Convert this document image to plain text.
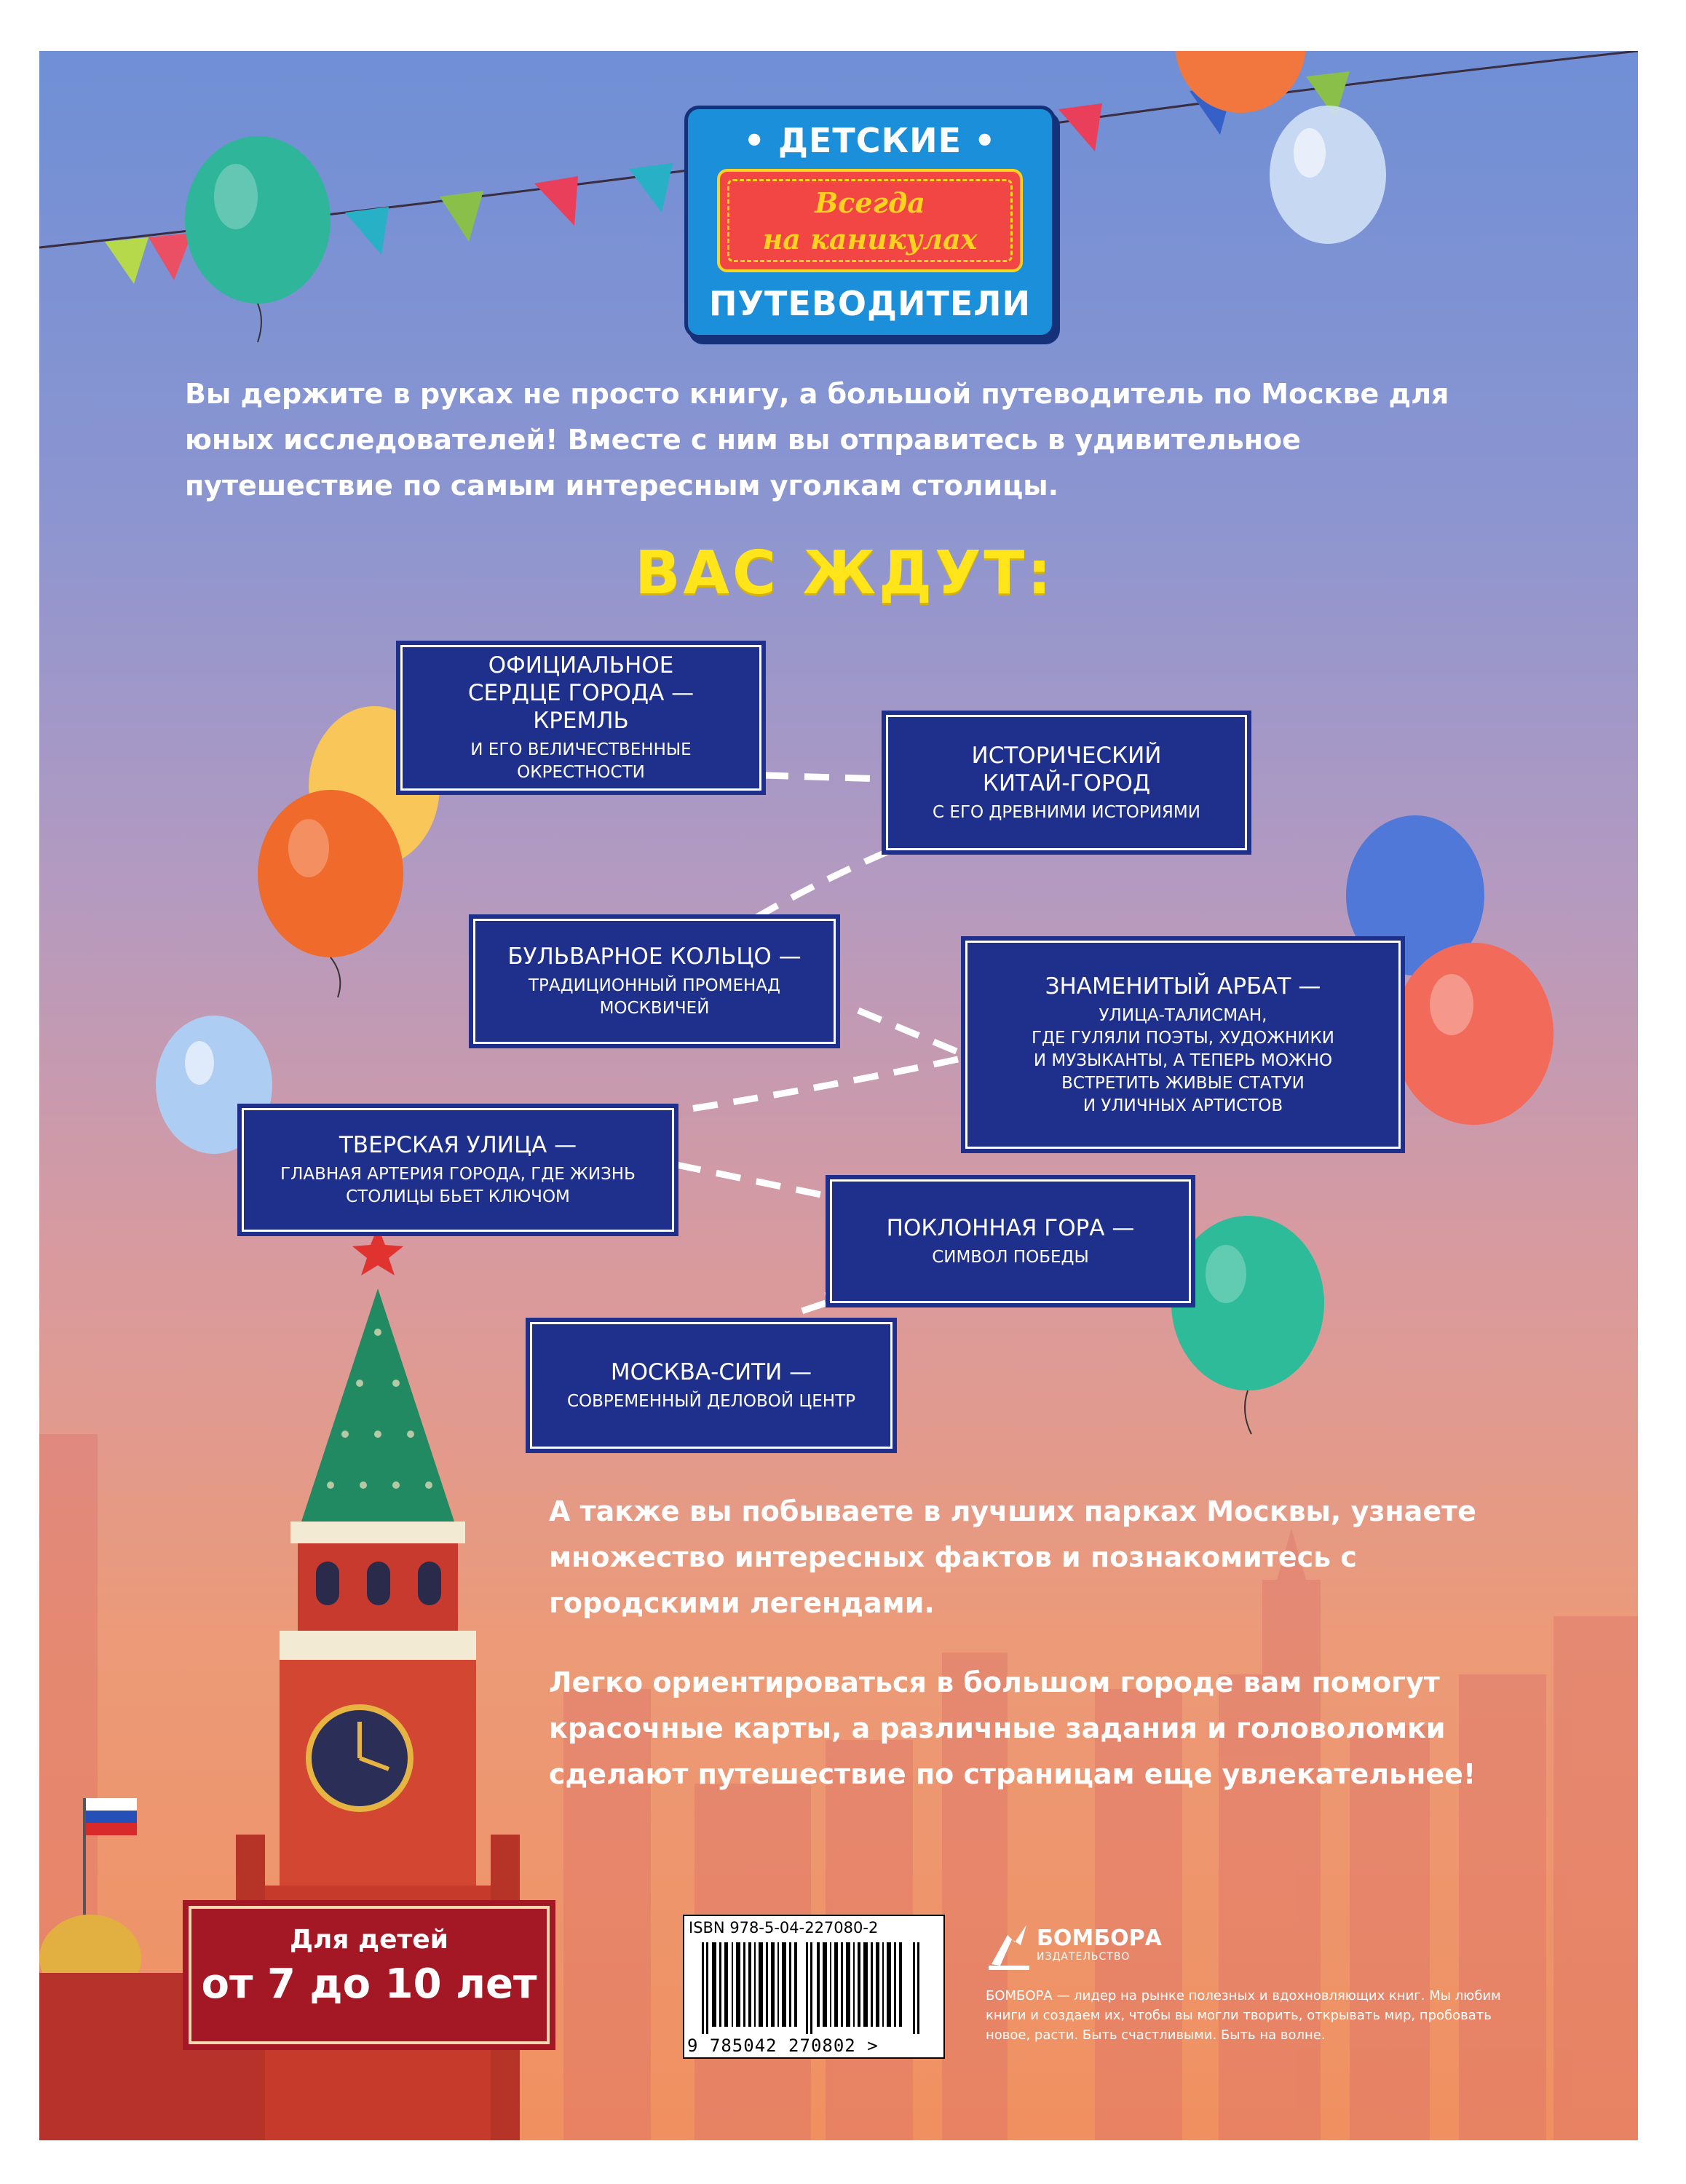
• ДЕТСКИЕ •
Всегда
на каникулах
ПУТЕВОДИТЕЛИ
Вы держите в руках не просто книгу, а большой путеводитель по Москве для юных исследователей! Вместе с ним вы отправитесь в удивительное путешествие по самым интересным уголкам столицы.
ВАС ЖДУТ:
ОФИЦИАЛЬНОЕ
СЕРДЦЕ ГОРОДА —
КРЕМЛЬ
И ЕГО ВЕЛИЧЕСТВЕННЫЕ
ОКРЕСТНОСТИ
ИСТОРИЧЕСКИЙ
КИТАЙ-ГОРОД
С ЕГО ДРЕВНИМИ ИСТОРИЯМИ
БУЛЬВАРНОЕ КОЛЬЦО —
ТРАДИЦИОННЫЙ ПРОМЕНАД
МОСКВИЧЕЙ
ЗНАМЕНИТЫЙ АРБАТ —
УЛИЦА-ТАЛИСМАН,
ГДЕ ГУЛЯЛИ ПОЭТЫ, ХУДОЖНИКИ
И МУЗЫКАНТЫ, А ТЕПЕРЬ МОЖНО
ВСТРЕТИТЬ ЖИВЫЕ СТАТУИ
И УЛИЧНЫХ АРТИСТОВ
ТВЕРСКАЯ УЛИЦА —
ГЛАВНАЯ АРТЕРИЯ ГОРОДА, ГДЕ ЖИЗНЬ
СТОЛИЦЫ БЬЕТ КЛЮЧОМ
ПОКЛОННАЯ ГОРА —
СИМВОЛ ПОБЕДЫ
МОСКВА-СИТИ —
СОВРЕМЕННЫЙ ДЕЛОВОЙ ЦЕНТР
А также вы побываете в лучших парках Москвы, узнаете множество интересных фактов и познакомитесь с городскими легендами.
Легко ориентироваться в большом городе вам помогут красочные карты, а различные задания и головоломки сделают путешествие по страницам еще увлекательнее!
Для детей
от 7 до 10 лет
ISBN 978-5-04-227080-2
9 785042 270802 >
БОМБОРА
ИЗДАТЕЛЬСТВО
БОМБОРА — лидер на рынке полезных и вдохновляющих книг. Мы любим книги и создаем их, чтобы вы могли творить, открывать мир, пробовать новое, расти. Быть счастливыми. Быть на волне.
